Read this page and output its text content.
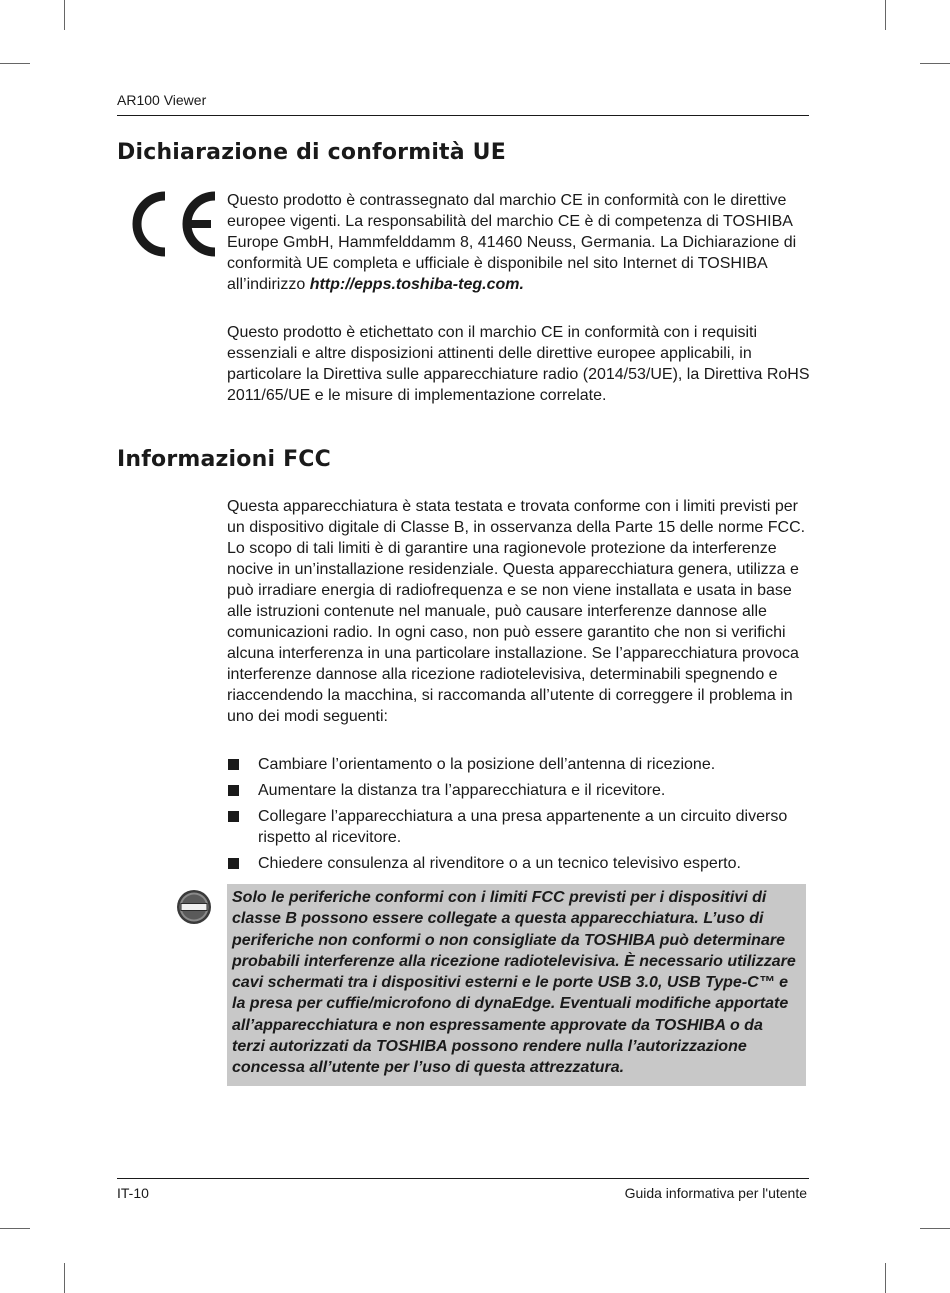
AR100 Viewer
Dichiarazione di conformità UE

Questo prodotto è contrassegnato dal marchio CE in conformità con le direttive europee vigenti. La responsabilità del marchio CE è di competenza di TOSHIBA Europe GmbH, Hammfelddamm 8, 41460 Neuss, Germania. La Dichiarazione di conformità UE completa e ufficiale è disponibile nel sito Internet di TOSHIBA all’indirizzo http://epps.toshiba-teg.com.

Questo prodotto è etichettato con il marchio CE in conformità con i requisiti essenziali e altre disposizioni attinenti delle direttive europee applicabili, in particolare la Direttiva sulle apparecchiature radio (2014/53/UE), la Direttiva RoHS 2011/65/UE e le misure di implementazione correlate.

Informazioni FCC

Questa apparecchiatura è stata testata e trovata conforme con i limiti previsti per un dispositivo digitale di Classe B, in osservanza della Parte 15 delle norme FCC. Lo scopo di tali limiti è di garantire una ragionevole protezione da interferenze nocive in un’installazione residenziale. Questa apparecchiatura genera, utilizza e può irradiare energia di radiofrequenza e se non viene installata e usata in base alle istruzioni contenute nel manuale, può causare interferenze dannose alle comunicazioni radio. In ogni caso, non può essere garantito che non si verifichi alcuna interferenza in una particolare installazione. Se l’apparecchiatura provoca interferenze dannose alla ricezione radiotelevisiva, determinabili spegnendo e riaccendendo la macchina, si raccomanda all’utente di correggere il problema in uno dei modi seguenti:

Cambiare l’orientamento o la posizione dell’antenna di ricezione.
Aumentare la distanza tra l’apparecchiatura e il ricevitore.
Collegare l’apparecchiatura a una presa appartenente a un circuito diverso rispetto al ricevitore.
Chiedere consulenza al rivenditore o a un tecnico televisivo esperto.

Solo le periferiche conformi con i limiti FCC previsti per i dispositivi di classe B possono essere collegate a questa apparecchiatura. L’uso di periferiche non conformi o non consigliate da TOSHIBA può determinare probabili interferenze alla ricezione radiotelevisiva. È necessario utilizzare cavi schermati tra i dispositivi esterni e le porte USB 3.0, USB Type-C™ e la presa per cuffie/microfono di dynaEdge. Eventuali modifiche apportate all’apparecchiatura e non espressamente approvate da TOSHIBA o da terzi autorizzati da TOSHIBA possono rendere nulla l’autorizzazione concessa all’utente per l’uso di questa attrezzatura.

IT-10	Guida informativa per l'utente
